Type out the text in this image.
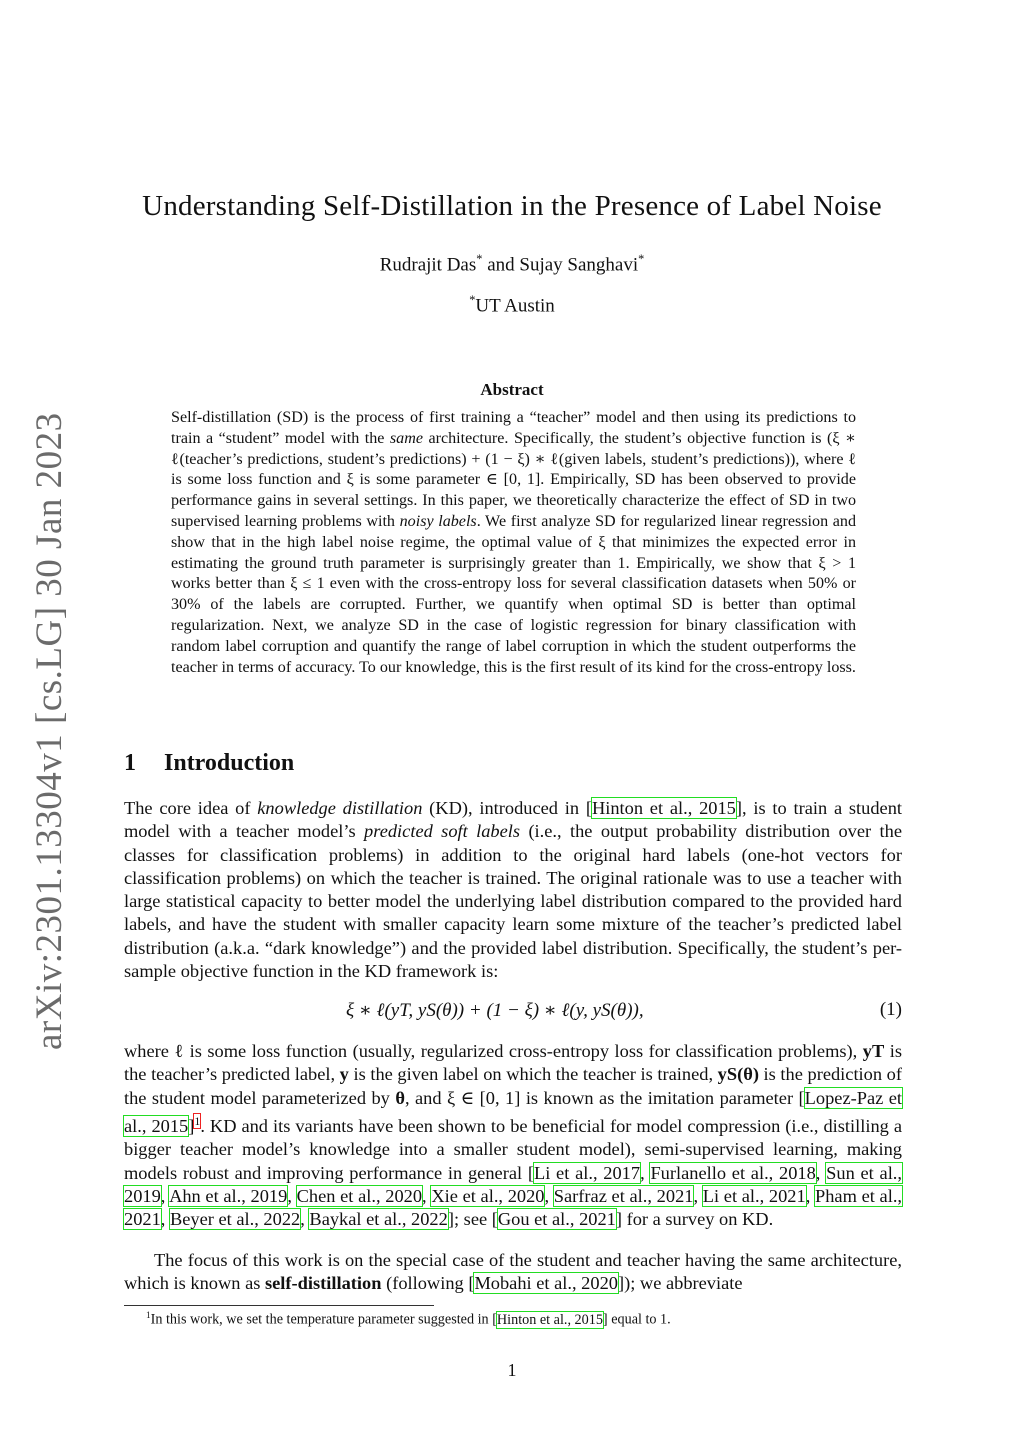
arXiv:2301.13304v1 [cs.LG] 30 Jan 2023
Understanding Self-Distillation in the Presence of Label Noise
Rudrajit Das* and Sujay Sanghavi*
*UT Austin
Abstract
Self-distillation (SD) is the process of first training a “teacher” model and then using its predictions to train a “student” model with the same architecture. Specifically, the student’s objective function is (ξ ∗ ℓ(teacher’s predictions, student’s predictions) + (1 − ξ) ∗ ℓ(given labels, student’s predictions)), where ℓ is some loss function and ξ is some parameter ∈ [0, 1]. Empirically, SD has been observed to provide performance gains in several settings. In this paper, we theoretically characterize the effect of SD in two supervised learning problems with noisy labels. We first analyze SD for regularized linear regression and show that in the high label noise regime, the optimal value of ξ that minimizes the expected error in estimating the ground truth parameter is surprisingly greater than 1. Empirically, we show that ξ > 1 works better than ξ ≤ 1 even with the cross-entropy loss for several classification datasets when 50% or 30% of the labels are corrupted. Further, we quantify when optimal SD is better than optimal regularization. Next, we analyze SD in the case of logistic regression for binary classification with random label corruption and quantify the range of label corruption in which the student outperforms the teacher in terms of accuracy. To our knowledge, this is the first result of its kind for the cross-entropy loss.
1 Introduction
The core idea of knowledge distillation (KD), introduced in [Hinton et al., 2015], is to train a student model with a teacher model’s predicted soft labels (i.e., the output probability distribution over the classes for classification problems) in addition to the original hard labels (one-hot vectors for classification problems) on which the teacher is trained. The original rationale was to use a teacher with large statistical capacity to better model the underlying label distribution compared to the provided hard labels, and have the student with smaller capacity learn some mixture of the teacher’s predicted label distribution (a.k.a. “dark knowledge”) and the provided label distribution. Specifically, the student’s per-sample objective function in the KD framework is:
ξ ∗ ℓ(yT, yS(θ)) + (1 − ξ) ∗ ℓ(y, yS(θ)),	(1)
where ℓ is some loss function (usually, regularized cross-entropy loss for classification problems), yT is the teacher’s predicted label, y is the given label on which the teacher is trained, yS(θ) is the prediction of the student model parameterized by θ, and ξ ∈ [0, 1] is known as the imitation parameter [Lopez-Paz et al., 2015]$^1$. KD and its variants have been shown to be beneficial for model compression (i.e., distilling a bigger teacher model’s knowledge into a smaller student model), semi-supervised learning, making models robust and improving performance in general [Li et al., 2017, Furlanello et al., 2018, Sun et al., 2019, Ahn et al., 2019, Chen et al., 2020, Xie et al., 2020, Sarfraz et al., 2021, Li et al., 2021, Pham et al., 2021, Beyer et al., 2022, Baykal et al., 2022]; see [Gou et al., 2021] for a survey on KD.
The focus of this work is on the special case of the student and teacher having the same architecture, which is known as self-distillation (following [Mobahi et al., 2020]); we abbreviate
$^1$In this work, we set the temperature parameter suggested in [Hinton et al., 2015] equal to 1.
1
